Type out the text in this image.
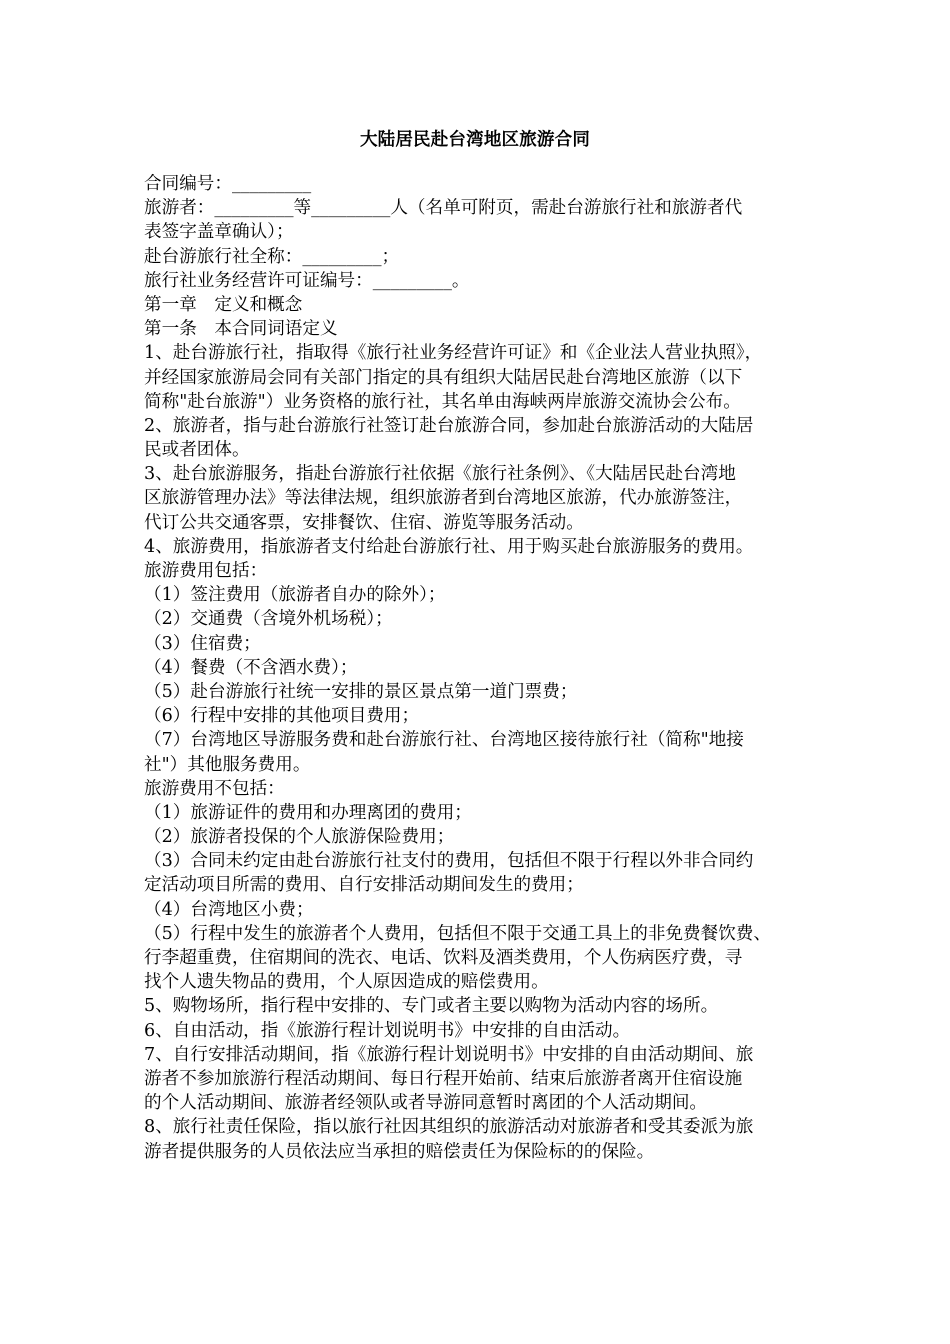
大陆居民赴台湾地区旅游合同
合同编号：_________
旅游者：_________等_________人（名单可附页，需赴台游旅行社和旅游者代
表签字盖章确认）；
赴台游旅行社全称：_________；
旅行社业务经营许可证编号：_________。
第一章　定义和概念
第一条　本合同词语定义
1、赴台游旅行社，指取得《旅行社业务经营许可证》和《企业法人营业执照》，
并经国家旅游局会同有关部门指定的具有组织大陆居民赴台湾地区旅游（以下
简称"赴台旅游"）业务资格的旅行社，其名单由海峡两岸旅游交流协会公布。
2、旅游者，指与赴台游旅行社签订赴台旅游合同，参加赴台旅游活动的大陆居
民或者团体。
3、赴台旅游服务，指赴台游旅行社依据《旅行社条例》、《大陆居民赴台湾地
区旅游管理办法》等法律法规，组织旅游者到台湾地区旅游，代办旅游签注，
代订公共交通客票，安排餐饮、住宿、游览等服务活动。
4、旅游费用，指旅游者支付给赴台游旅行社、用于购买赴台旅游服务的费用。
旅游费用包括：
（1）签注费用（旅游者自办的除外）；
（2）交通费（含境外机场税）；
（3）住宿费；
（4）餐费（不含酒水费）；
（5）赴台游旅行社统一安排的景区景点第一道门票费；
（6）行程中安排的其他项目费用；
（7）台湾地区导游服务费和赴台游旅行社、台湾地区接待旅行社（简称"地接
社"）其他服务费用。
旅游费用不包括：
（1）旅游证件的费用和办理离团的费用；
（2）旅游者投保的个人旅游保险费用；
（3）合同未约定由赴台游旅行社支付的费用，包括但不限于行程以外非合同约
定活动项目所需的费用、自行安排活动期间发生的费用；
（4）台湾地区小费；
（5）行程中发生的旅游者个人费用，包括但不限于交通工具上的非免费餐饮费、
行李超重费，住宿期间的洗衣、电话、饮料及酒类费用，个人伤病医疗费，寻
找个人遗失物品的费用，个人原因造成的赔偿费用。
5、购物场所，指行程中安排的、专门或者主要以购物为活动内容的场所。
6、自由活动，指《旅游行程计划说明书》中安排的自由活动。
7、自行安排活动期间，指《旅游行程计划说明书》中安排的自由活动期间、旅
游者不参加旅游行程活动期间、每日行程开始前、结束后旅游者离开住宿设施
的个人活动期间、旅游者经领队或者导游同意暂时离团的个人活动期间。
8、旅行社责任保险，指以旅行社因其组织的旅游活动对旅游者和受其委派为旅
游者提供服务的人员依法应当承担的赔偿责任为保险标的的保险。
